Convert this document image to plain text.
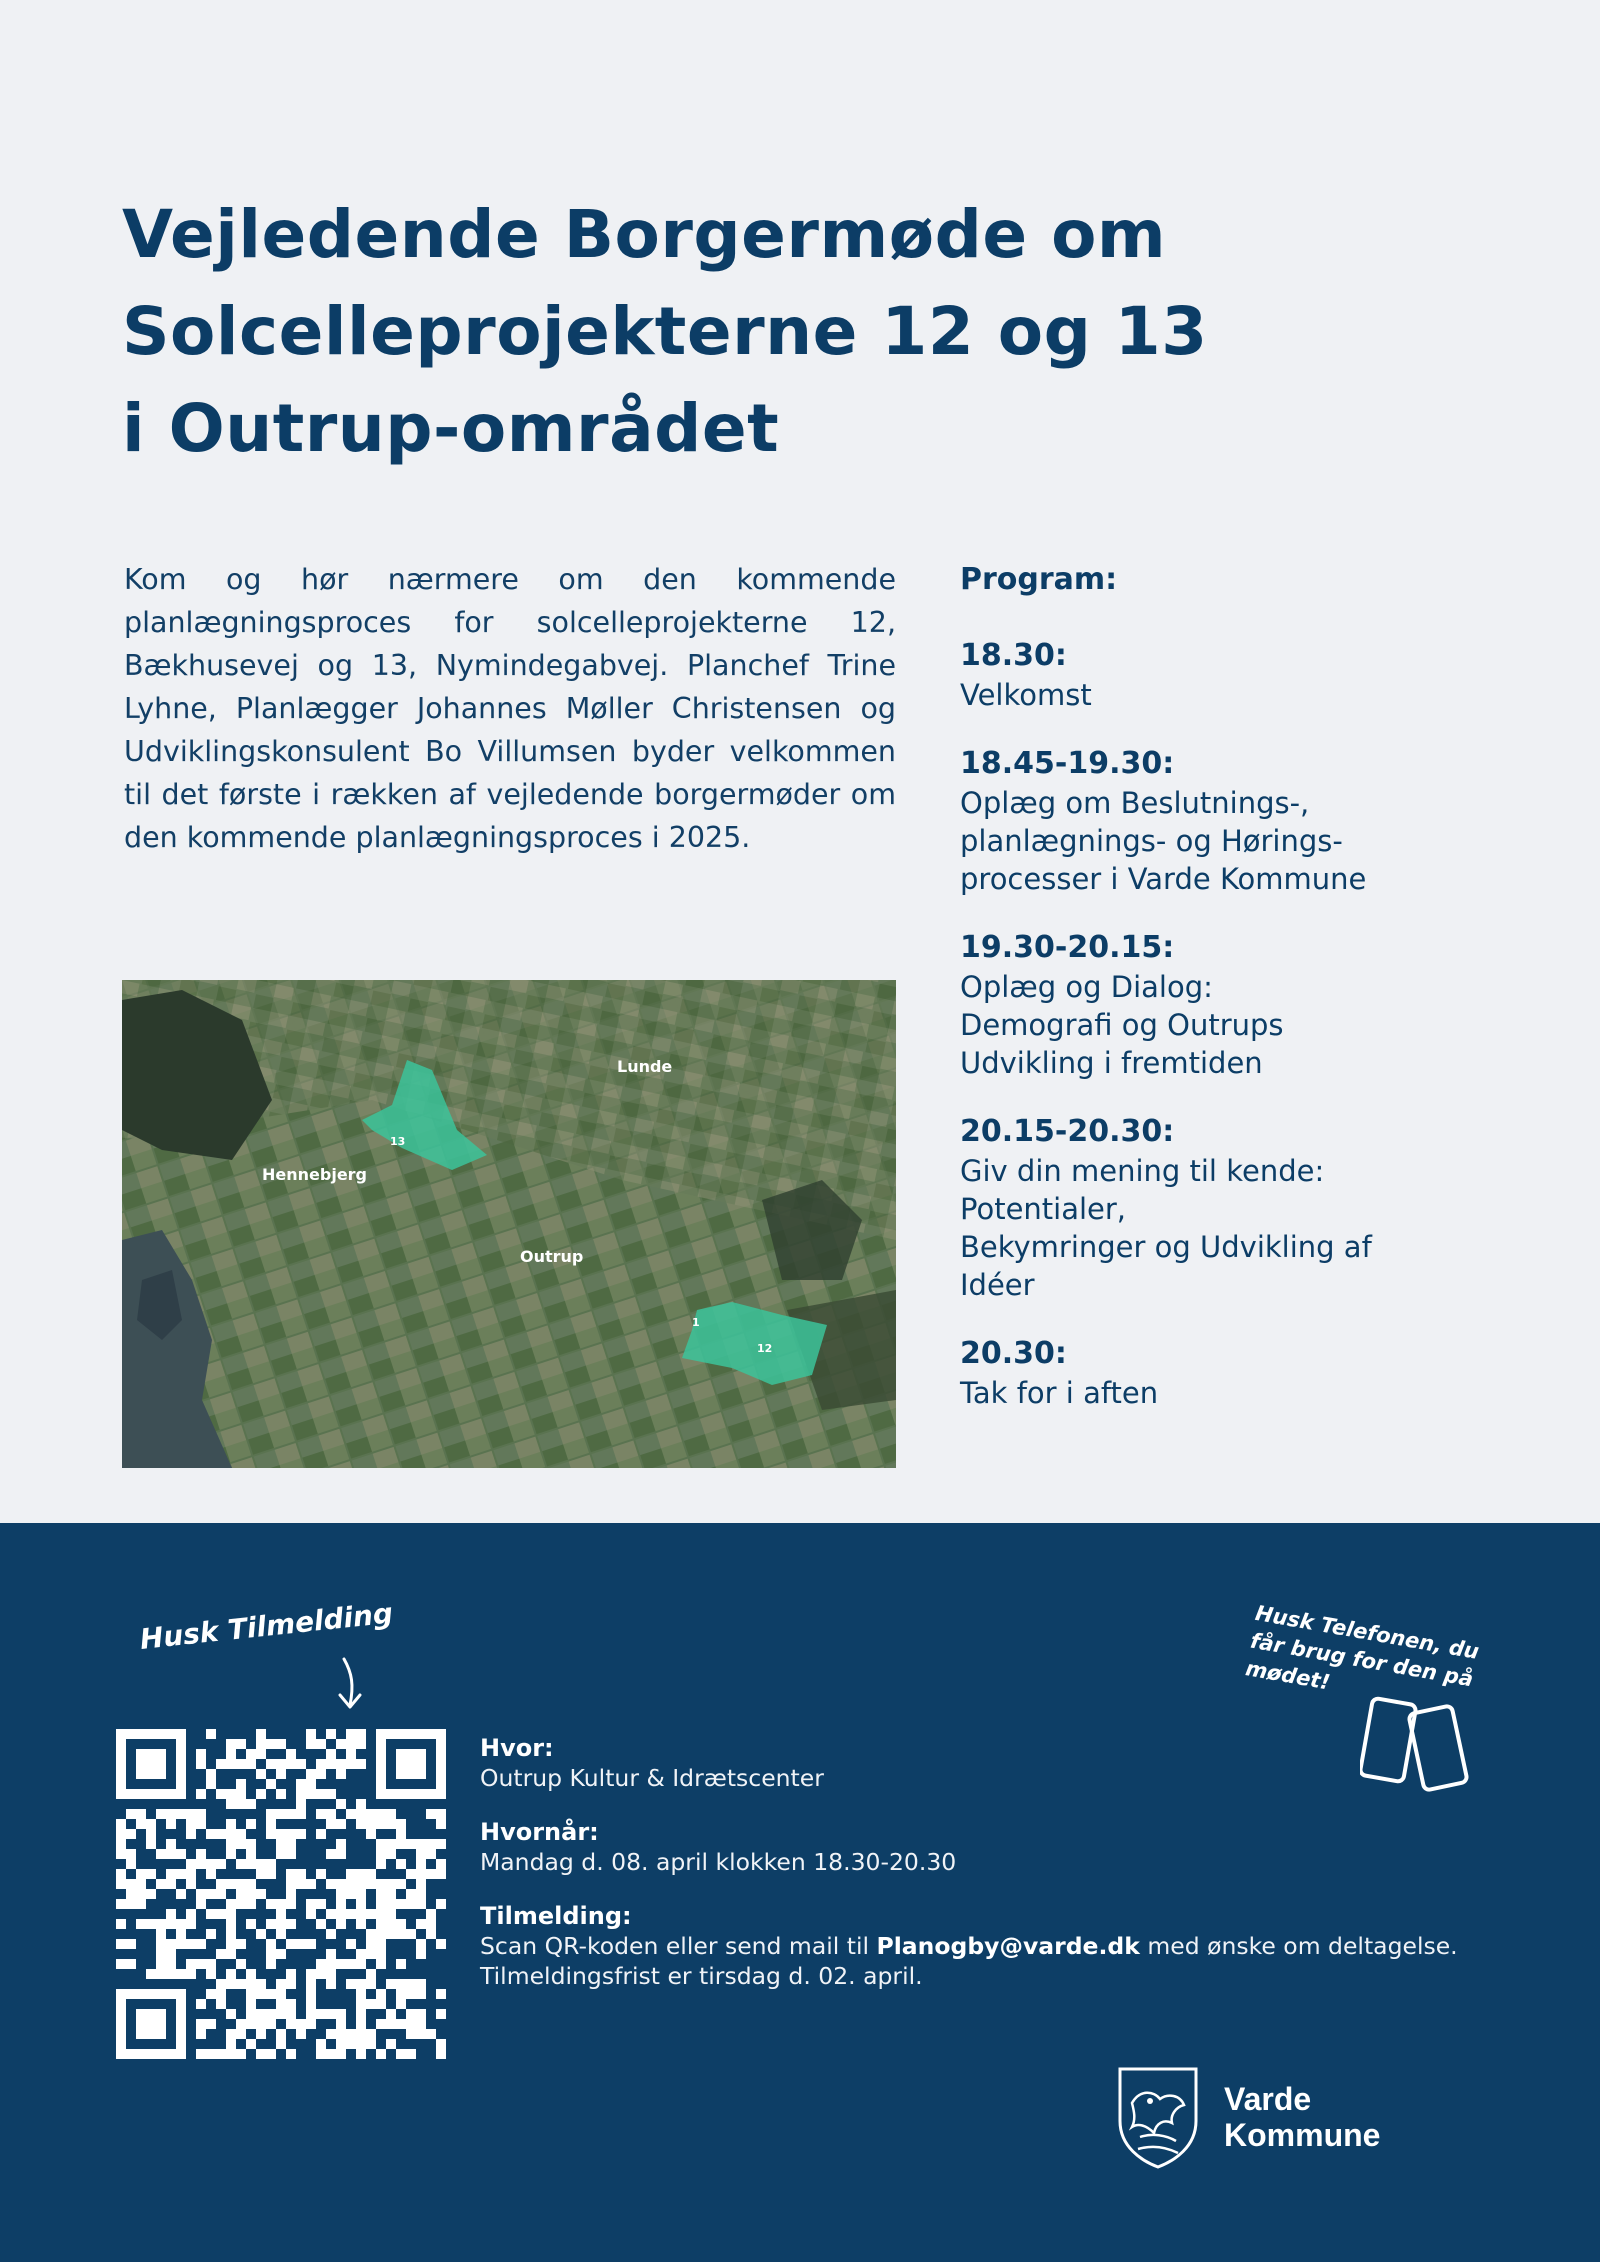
Vejledende Borgermøde om
Solcelleprojekterne 12 og 13
i Outrup-området

Kom og hør nærmere om den kommende planlægningsproces for solcelleprojekterne 12, Bækhusevej og 13, Nymindegabvej. Planchef Trine Lyhne, Planlægger Johannes Møller Christensen og Udviklingskonsulent Bo Villumsen byder velkommen til det første i rækken af vejledende borgermøder om den kommende planlægningsproces i 2025.

Program:

18.30:
Velkomst
18.45-19.30:
Oplæg om Beslutnings-,
planlægnings- og Hørings-
processer i Varde Kommune
19.30-20.15:
Oplæg og Dialog:
Demografi og Outrups
Udvikling i fremtiden
20.15-20.30:
Giv din mening til kende:
Potentialer,
Bekymringer og Udvikling af
Idéer
20.30:
Tak for i aften
Lunde
Hennebjerg
Outrup
13
12
1
Husk Tilmelding
Hvor:
Outrup Kultur & Idrætscenter
Hvornår:
Mandag d. 08. april klokken 18.30-20.30
Tilmelding:
Scan QR-koden eller send mail til Planogby@varde.dk med ønske om deltagelse.
Tilmeldingsfrist er tirsdag d. 02. april.
Husk Telefonen, du får brug for den på mødet!
Varde
Kommune
